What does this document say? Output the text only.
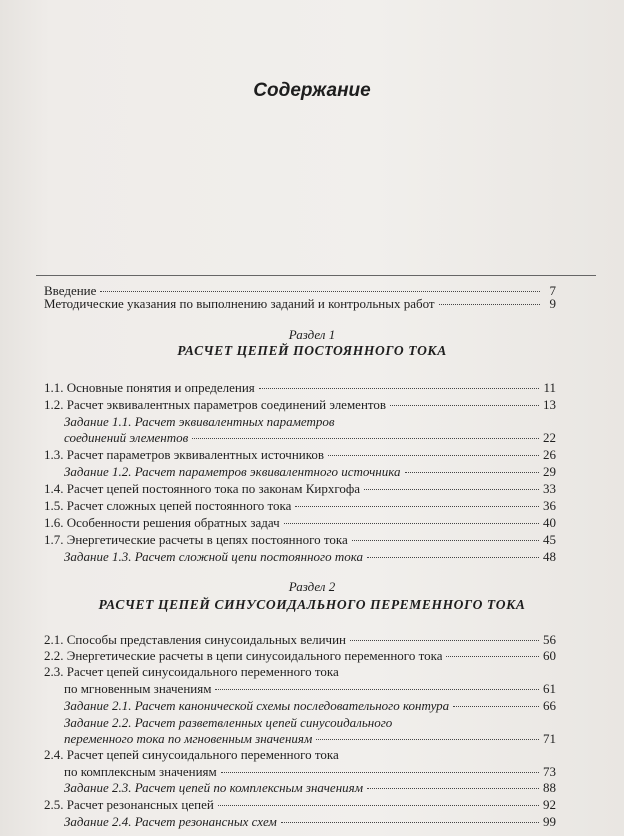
Содержание
Введение	7
Методические указания по выполнению заданий и контрольных работ	9
Раздел 1
РАСЧЕТ ЦЕПЕЙ ПОСТОЯННОГО ТОКА
1.1. Основные понятия и определения	11
1.2. Расчет эквивалентных параметров соединений элементов	13
Задание 1.1. Расчет эквивалентных параметров
соединений элементов	22
1.3. Расчет параметров эквивалентных источников	26
Задание 1.2. Расчет параметров эквивалентного источника	29
1.4. Расчет цепей постоянного тока по законам Кирхгофа	33
1.5. Расчет сложных цепей постоянного тока	36
1.6. Особенности решения обратных задач	40
1.7. Энергетические расчеты в цепях постоянного тока	45
Задание 1.3. Расчет сложной цепи постоянного тока	48
Раздел 2
РАСЧЕТ ЦЕПЕЙ СИНУСОИДАЛЬНОГО ПЕРЕМЕННОГО ТОКА
2.1. Способы представления синусоидальных величин	56
2.2. Энергетические расчеты в цепи синусоидального переменного тока	60
2.3. Расчет цепей синусоидального переменного тока
по мгновенным значениям	61
Задание 2.1. Расчет канонической схемы последовательного контура	66
Задание 2.2. Расчет разветвленных цепей синусоидального
переменного тока по мгновенным значениям	71
2.4. Расчет цепей синусоидального переменного тока
по комплексным значениям	73
Задание 2.3. Расчет цепей по комплексным значениям	88
2.5. Расчет резонансных цепей	92
Задание 2.4. Расчет резонансных схем	99
